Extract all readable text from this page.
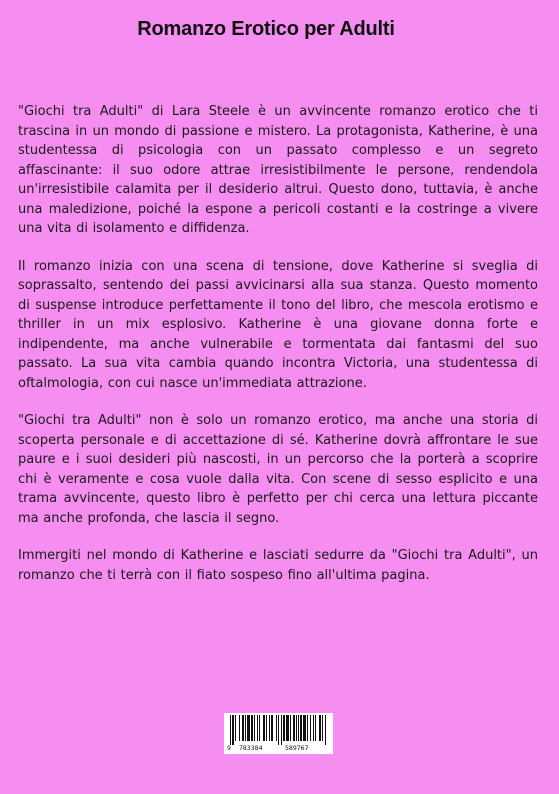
Romanzo Erotico per Adulti

"Giochi tra Adulti" di Lara Steele è un avvincente romanzo erotico che ti trascina in un mondo di passione e mistero. La protagonista, Katherine, è una studentessa di psicologia con un passato complesso e un segreto affascinante: il suo odore attrae irresistibilmente le persone, rendendola un'irresistibile calamita per il desiderio altrui. Questo dono, tuttavia, è anche una maledizione, poiché la espone a pericoli costanti e la costringe a vivere una vita di isolamento e diffidenza.

Il romanzo inizia con una scena di tensione, dove Katherine si sveglia di soprassalto, sentendo dei passi avvicinarsi alla sua stanza. Questo momento di suspense introduce perfettamente il tono del libro, che mescola erotismo e thriller in un mix esplosivo. Katherine è una giovane donna forte e indipendente, ma anche vulnerabile e tormentata dai fantasmi del suo passato. La sua vita cambia quando incontra Victoria, una studentessa di oftalmologia, con cui nasce un'immediata attrazione.

"Giochi tra Adulti" non è solo un romanzo erotico, ma anche una storia di scoperta personale e di accettazione di sé. Katherine dovrà affrontare le sue paure e i suoi desideri più nascosti, in un percorso che la porterà a scoprire chi è veramente e cosa vuole dalla vita. Con scene di sesso esplicito e una trama avvincente, questo libro è perfetto per chi cerca una lettura piccante ma anche profonda, che lascia il segno.

Immergiti nel mondo di Katherine e lasciati sedurre da "Giochi tra Adulti", un romanzo che ti terrà con il fiato sospeso fino all'ultima pagina.

9 783384	589767
